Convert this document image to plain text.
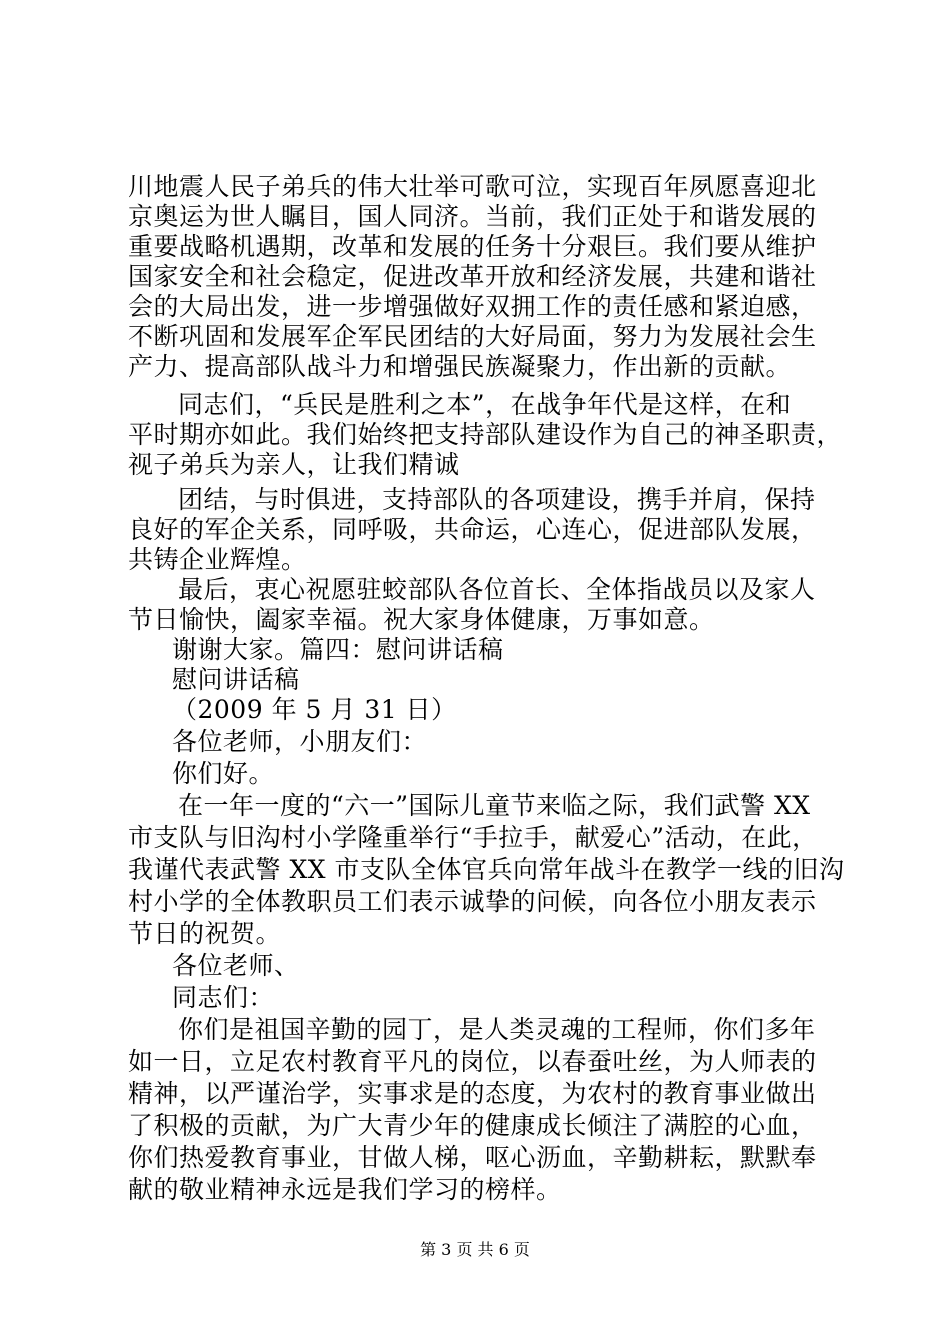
川地震人民子弟兵的伟大壮举可歌可泣，实现百年夙愿喜迎北
京奥运为世人瞩目，国人同济。当前，我们正处于和谐发展的
重要战略机遇期，改革和发展的任务十分艰巨。我们要从维护
国家安全和社会稳定，促进改革开放和经济发展，共建和谐社
会的大局出发，进一步增强做好双拥工作的责任感和紧迫感，
不断巩固和发展军企军民团结的大好局面，努力为发展社会生
产力、提高部队战斗力和增强民族凝聚力，作出新的贡献。
同志们，“兵民是胜利之本”，在战争年代是这样，在和
平时期亦如此。我们始终把支持部队建设作为自己的神圣职责，
视子弟兵为亲人，让我们精诚
团结，与时俱进，支持部队的各项建设，携手并肩，保持
良好的军企关系，同呼吸，共命运，心连心，促进部队发展，
共铸企业辉煌。
最后，衷心祝愿驻蛟部队各位首长、全体指战员以及家人
节日愉快，阖家幸福。祝大家身体健康，万事如意。
谢谢大家。篇四：慰问讲话稿
慰问讲话稿
（2009 年 5 月 31 日）
各位老师，小朋友们：
你们好。
在一年一度的“六一”国际儿童节来临之际，我们武警 XX
市支队与旧沟村小学隆重举行“手拉手，献爱心”活动，在此，
我谨代表武警 XX 市支队全体官兵向常年战斗在教学一线的旧沟
村小学的全体教职员工们表示诚挚的问候，向各位小朋友表示
节日的祝贺。
各位老师、
同志们：
你们是祖国辛勤的园丁，是人类灵魂的工程师，你们多年
如一日，立足农村教育平凡的岗位，以春蚕吐丝，为人师表的
精神，以严谨治学，实事求是的态度，为农村的教育事业做出
了积极的贡献，为广大青少年的健康成长倾注了满腔的心血，
你们热爱教育事业，甘做人梯，呕心沥血，辛勤耕耘，默默奉
献的敬业精神永远是我们学习的榜样。
第 3 页 共 6 页
